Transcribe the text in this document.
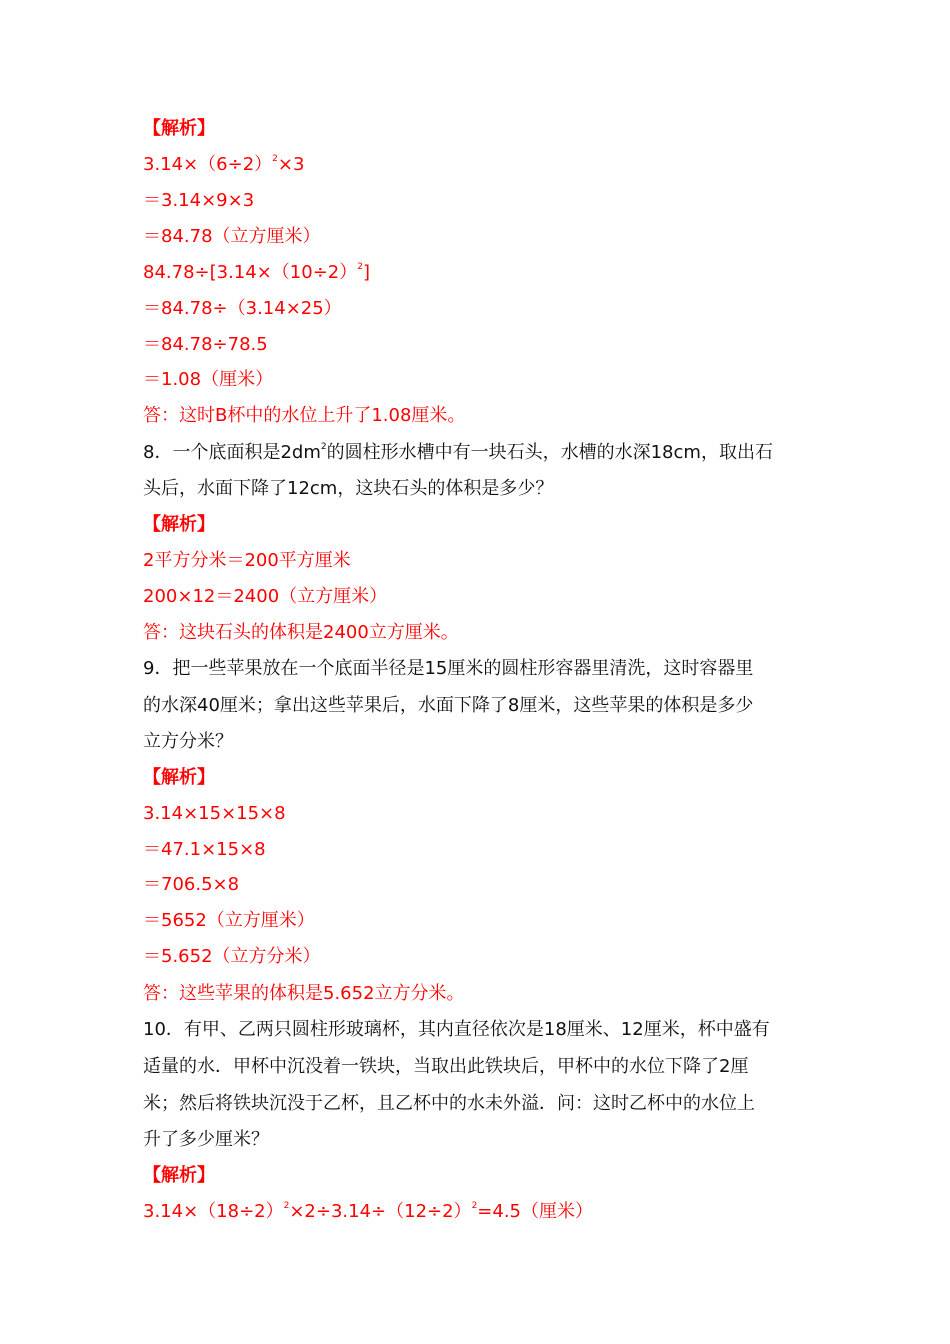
【解析】
$3.14\times(6\div 2)^2\times 3$
＝3.14×9×3
＝84.78（立方厘米）
$84.78\div[3.14\times(10\div 2)^2]$
＝84.78÷（3.14×25）
＝84.78÷78.5
＝1.08（厘米）
答：这时B杯中的水位上升了1.08厘米。
8．一个底面积是$2dm^2$的圆柱形水槽中有一块石头，水槽的水深18cm，取出石
头后，水面下降了12cm，这块石头的体积是多少？
【解析】
2平方分米＝200平方厘米
200×12＝2400（立方厘米）
答：这块石头的体积是2400立方厘米。
9．把一些苹果放在一个底面半径是15厘米的圆柱形容器里清洗，这时容器里
的水深40厘米；拿出这些苹果后，水面下降了8厘米，这些苹果的体积是多少
立方分米？
【解析】
3.14×15×15×8
＝47.1×15×8
＝706.5×8
＝5652（立方厘米）
＝5.652（立方分米）
答：这些苹果的体积是5.652立方分米。
10．有甲、乙两只圆柱形玻璃杯，其内直径依次是18厘米、12厘米，杯中盛有
适量的水．甲杯中沉没着一铁块，当取出此铁块后，甲杯中的水位下降了2厘
米；然后将铁块沉没于乙杯，且乙杯中的水未外溢．问：这时乙杯中的水位上
升了多少厘米？
【解析】
$3.14\times(18\div 2)^2\times 2\div 3.14\div(12\div 2)^2=4.5$（厘米）
